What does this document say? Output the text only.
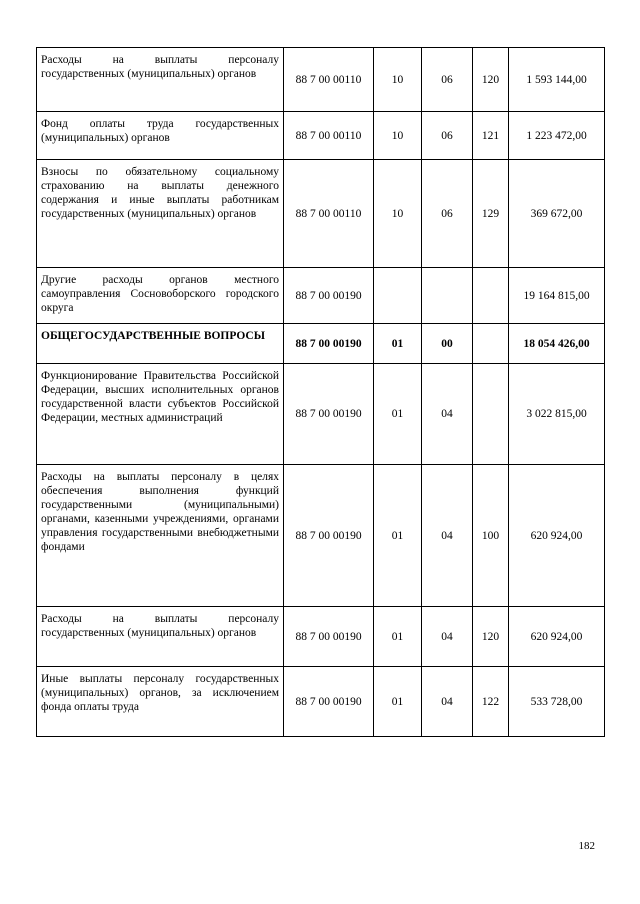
Расходы на выплаты персоналу государственных (муниципальных) органов	88 7 00 00110	10	06	120	1 593 144,00
Фонд оплаты труда государственных (муниципальных) органов	88 7 00 00110	10	06	121	1 223 472,00
Взносы по обязательному социальному страхованию на выплаты денежного содержания и иные выплаты работникам государственных (муниципальных) органов	88 7 00 00110	10	06	129	369 672,00
Другие расходы органов местного самоуправления Сосновоборского городского округа	88 7 00 00190				19 164 815,00
ОБЩЕГОСУДАРСТВЕННЫЕ ВОПРОСЫ	88 7 00 00190	01	00		18 054 426,00
Функционирование Правительства Российской Федерации, высших исполнительных органов государственной власти субъектов Российской Федерации, местных администраций	88 7 00 00190	01	04		3 022 815,00
Расходы на выплаты персоналу в целях обеспечения выполнения функций государственными (муниципальными) органами, казенными учреждениями, органами управления государственными внебюджетными фондами	88 7 00 00190	01	04	100	620 924,00
Расходы на выплаты персоналу государственных (муниципальных) органов	88 7 00 00190	01	04	120	620 924,00
Иные выплаты персоналу государственных (муниципальных) органов, за исключением фонда оплаты труда	88 7 00 00190	01	04	122	533 728,00
182
